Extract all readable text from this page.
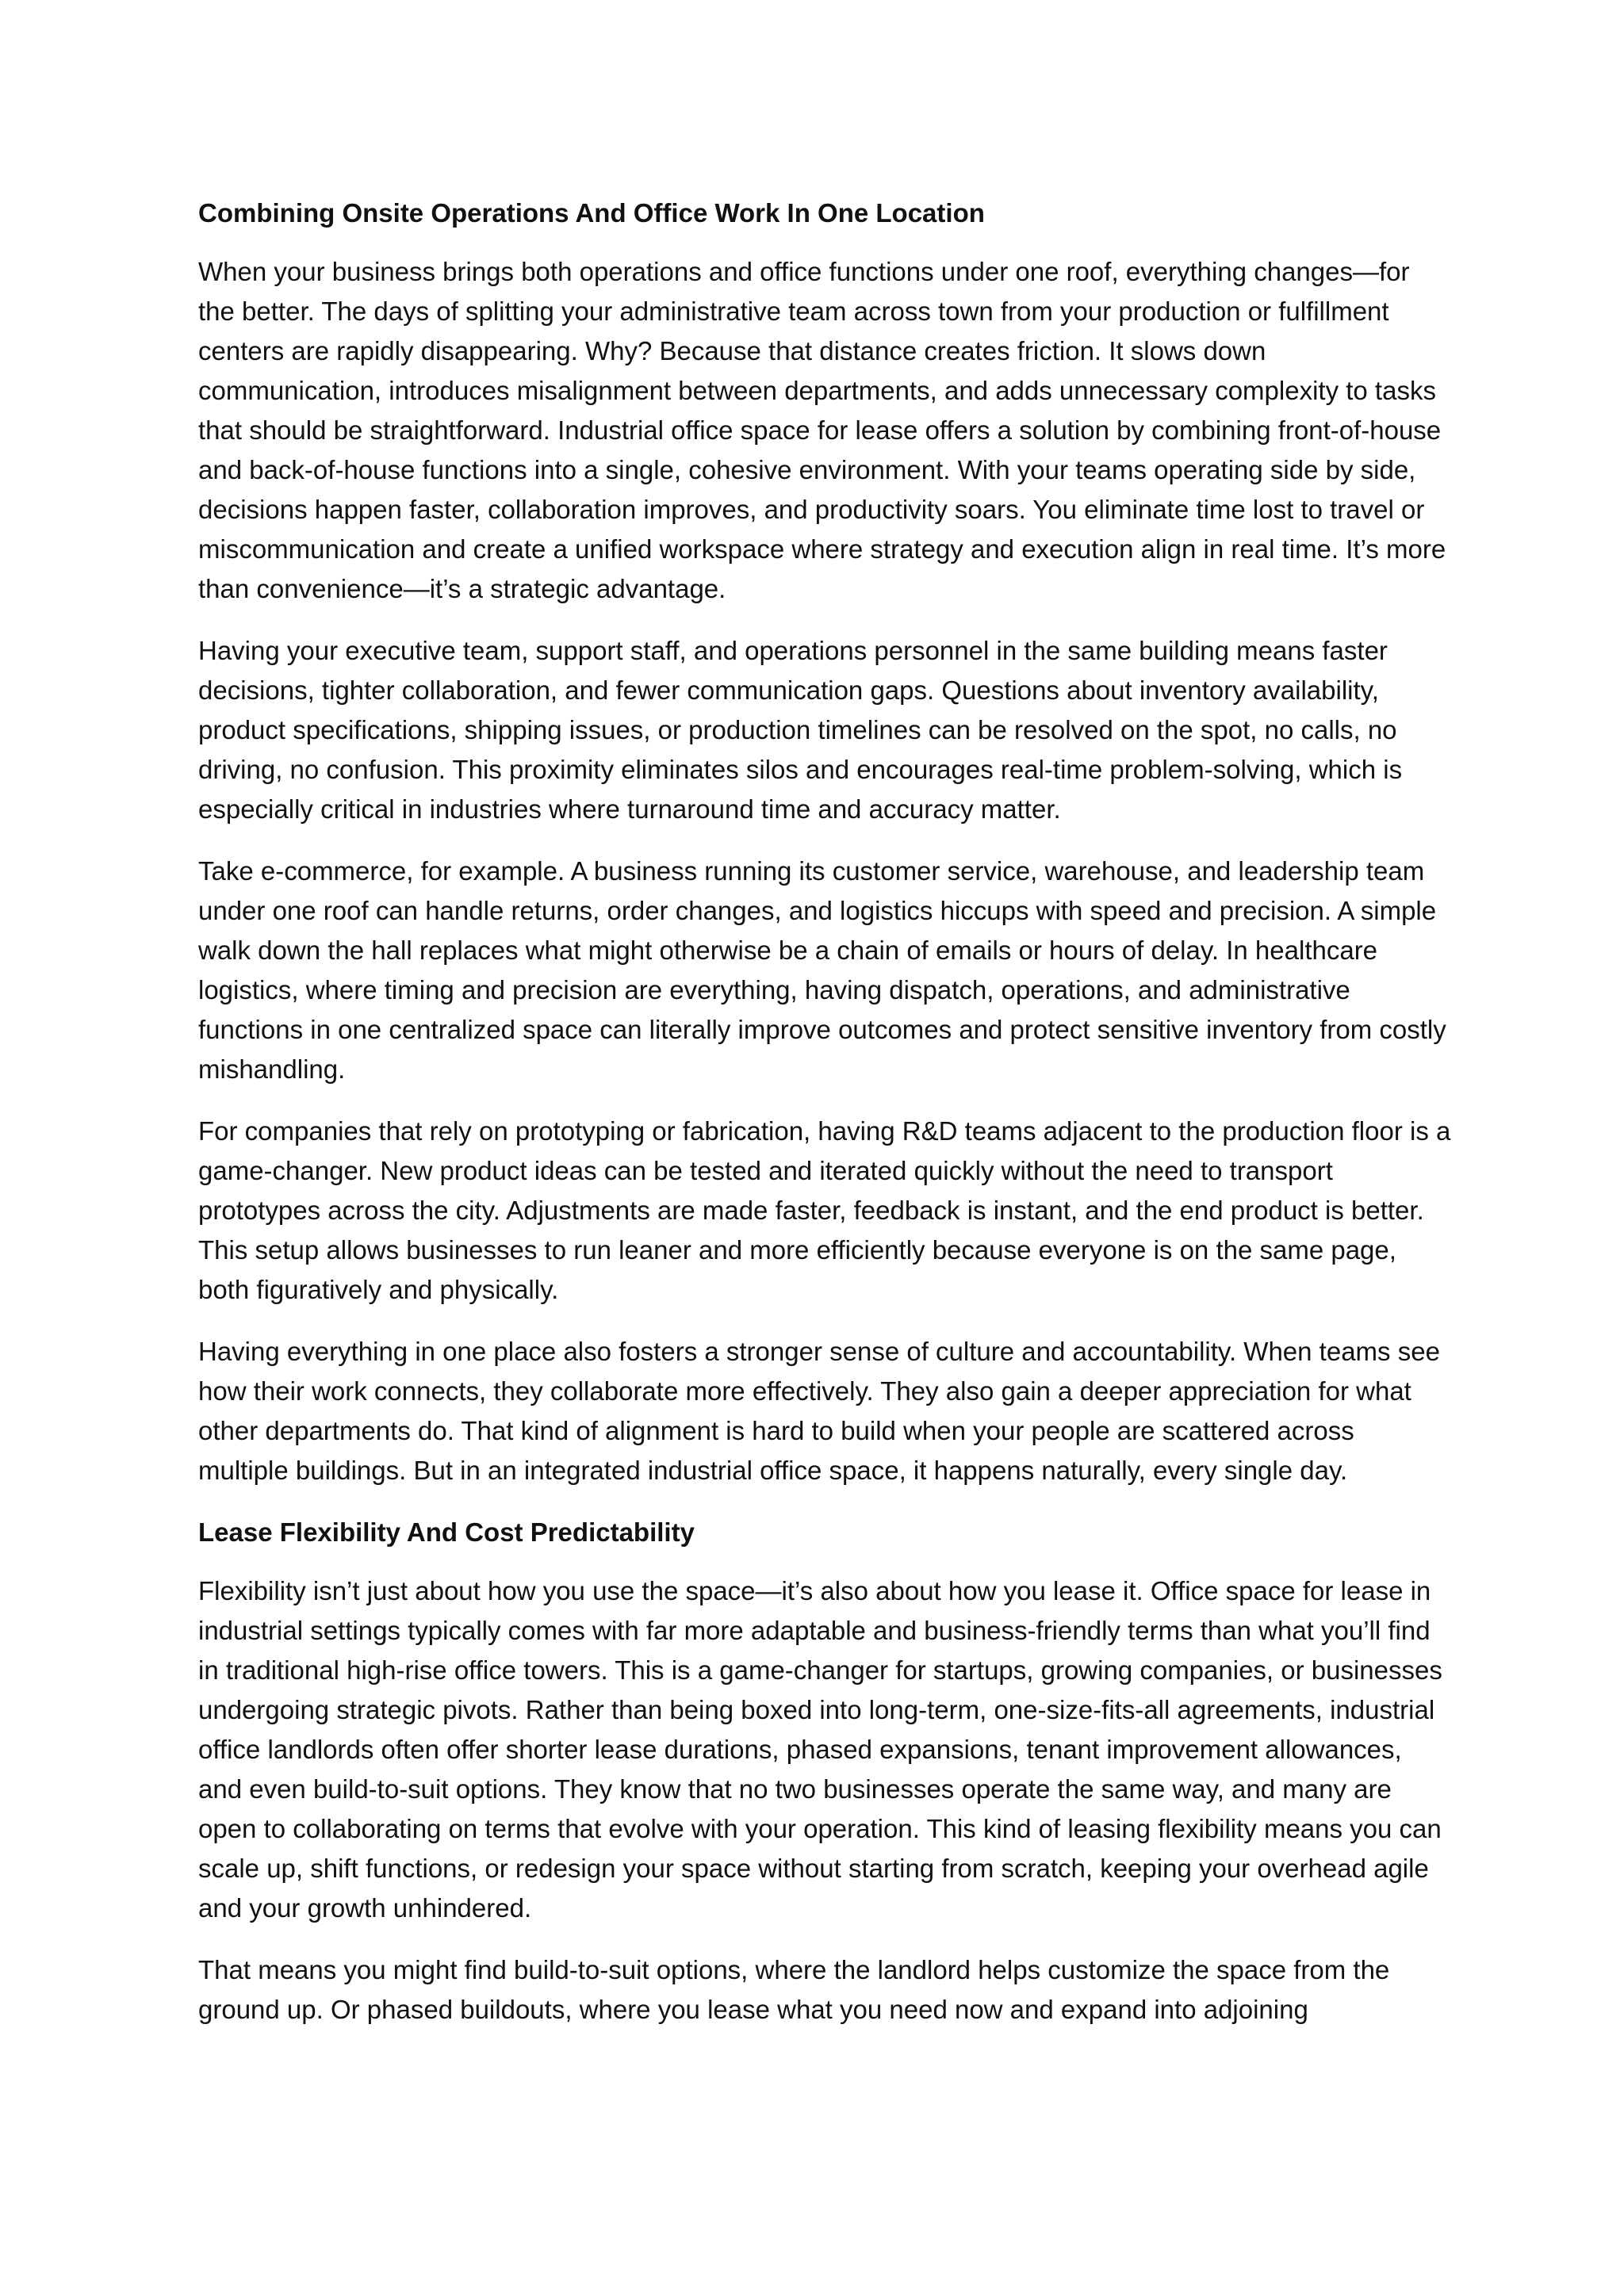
Combining Onsite Operations And Office Work In One Location

When your business brings both operations and office functions under one roof, everything changes—for the better. The days of splitting your administrative team across town from your production or fulfillment centers are rapidly disappearing. Why? Because that distance creates friction. It slows down communication, introduces misalignment between departments, and adds unnecessary complexity to tasks that should be straightforward. Industrial office space for lease offers a solution by combining front-of-house and back-of-house functions into a single, cohesive environment. With your teams operating side by side, decisions happen faster, collaboration improves, and productivity soars. You eliminate time lost to travel or miscommunication and create a unified workspace where strategy and execution align in real time. It’s more than convenience—it’s a strategic advantage.

Having your executive team, support staff, and operations personnel in the same building means faster decisions, tighter collaboration, and fewer communication gaps. Questions about inventory availability, product specifications, shipping issues, or production timelines can be resolved on the spot, no calls, no driving, no confusion. This proximity eliminates silos and encourages real-time problem-solving, which is especially critical in industries where turnaround time and accuracy matter.

Take e-commerce, for example. A business running its customer service, warehouse, and leadership team under one roof can handle returns, order changes, and logistics hiccups with speed and precision. A simple walk down the hall replaces what might otherwise be a chain of emails or hours of delay. In healthcare logistics, where timing and precision are everything, having dispatch, operations, and administrative functions in one centralized space can literally improve outcomes and protect sensitive inventory from costly mishandling.

For companies that rely on prototyping or fabrication, having R&D teams adjacent to the production floor is a game-changer. New product ideas can be tested and iterated quickly without the need to transport prototypes across the city. Adjustments are made faster, feedback is instant, and the end product is better. This setup allows businesses to run leaner and more efficiently because everyone is on the same page, both figuratively and physically.

Having everything in one place also fosters a stronger sense of culture and accountability. When teams see how their work connects, they collaborate more effectively. They also gain a deeper appreciation for what other departments do. That kind of alignment is hard to build when your people are scattered across multiple buildings. But in an integrated industrial office space, it happens naturally, every single day.

Lease Flexibility And Cost Predictability

Flexibility isn’t just about how you use the space—it’s also about how you lease it. Office space for lease in industrial settings typically comes with far more adaptable and business-friendly terms than what you’ll find in traditional high-rise office towers. This is a game-changer for startups, growing companies, or businesses undergoing strategic pivots. Rather than being boxed into long-term, one-size-fits-all agreements, industrial office landlords often offer shorter lease durations, phased expansions, tenant improvement allowances, and even build-to-suit options. They know that no two businesses operate the same way, and many are open to collaborating on terms that evolve with your operation. This kind of leasing flexibility means you can scale up, shift functions, or redesign your space without starting from scratch, keeping your overhead agile and your growth unhindered.

That means you might find build-to-suit options, where the landlord helps customize the space from the ground up. Or phased buildouts, where you lease what you need now and expand into adjoining
